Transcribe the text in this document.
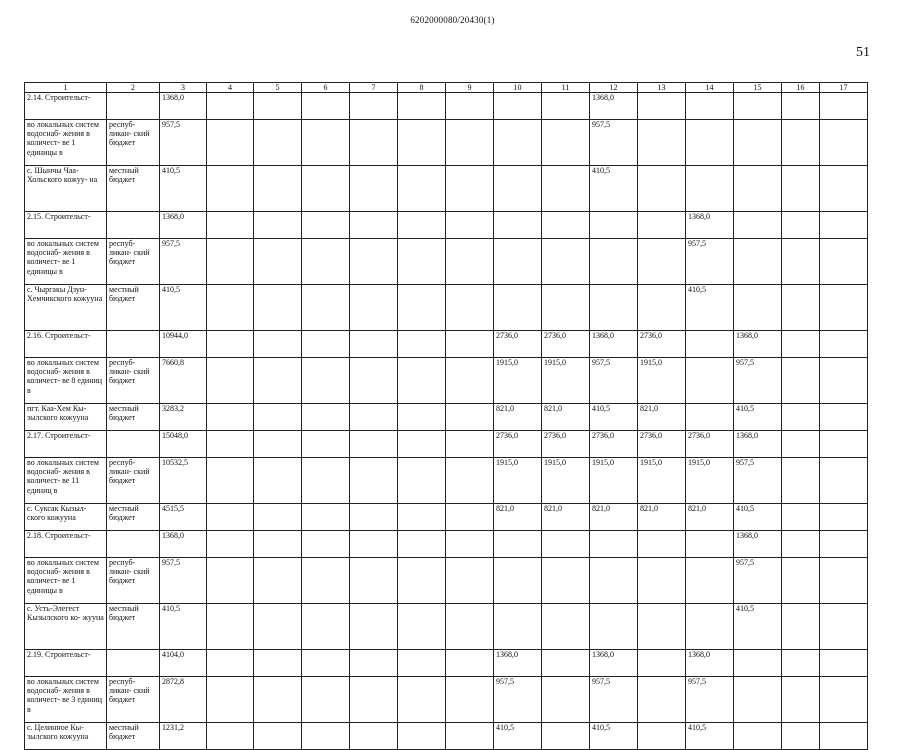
6202000080/20430(1)
51
1	2	3	4	5	6	7	8	9	10	11	12	13	14	15	16	17
2.14. Строительст-		1368,0									1368,0					
во локальных систем водоснаб- жения в количест- ве 1 единицы в	респуб- ликан- ский бюджет	957,5									957,5					
с. Шынчы Чаа- Хольского кожуу- на	местный бюджет	410,5									410,5					
2.15. Строительст-		1368,0											1368,0			
во локальных систем водоснаб- жения в количест- ве 1 единицы в	респуб- ликан- ский бюджет	957,5											957,5			
с. Чыргакы Дзун- Хемчикского кожууна	местный бюджет	410,5											410,5			
2.16. Строительст-		10944,0							2736,0	2736,0	1368,0	2736,0		1368,0		
во локальных систем водоснаб- жения в количест- ве 8 единиц в	респуб- ликан- ский бюджет	7660,8							1915,0	1915,0	957,5	1915,0		957,5		
пгт. Каа-Хем Кы- зылского кожууна	местный бюджет	3283,2							821,0	821,0	410,5	821,0		410,5		
2.17. Строительст-		15048,0							2736,0	2736,0	2736,0	2736,0	2736,0	1368,0		
во локальных систем водоснаб- жения в количест- ве 11 единиц в	респуб- ликан- ский бюджет	10532,5							1915,0	1915,0	1915,0	1915,0	1915,0	957,5		
с. Суксак Кызыл- ского кожууна	местный бюджет	4515,5							821,0	821,0	821,0	821,0	821,0	410,5		
2.18. Строительст-		1368,0												1368,0		
во локальных систем водоснаб- жения в количест- ве 1 единицы в	респуб- ликан- ский бюджет	957,5												957,5		
с. Усть-Элегест Кызылского ко- жууна	местный бюджет	410,5												410,5		
2.19. Строительст-		4104,0							1368,0		1368,0		1368,0			
во локальных систем водоснаб- жения в количест- ве 3 единиц в	респуб- ликан- ский бюджет	2872,8							957,5		957,5		957,5			
с. Целинное Кы- зылского кожууна	местный бюджет	1231,2							410,5		410,5		410,5			
